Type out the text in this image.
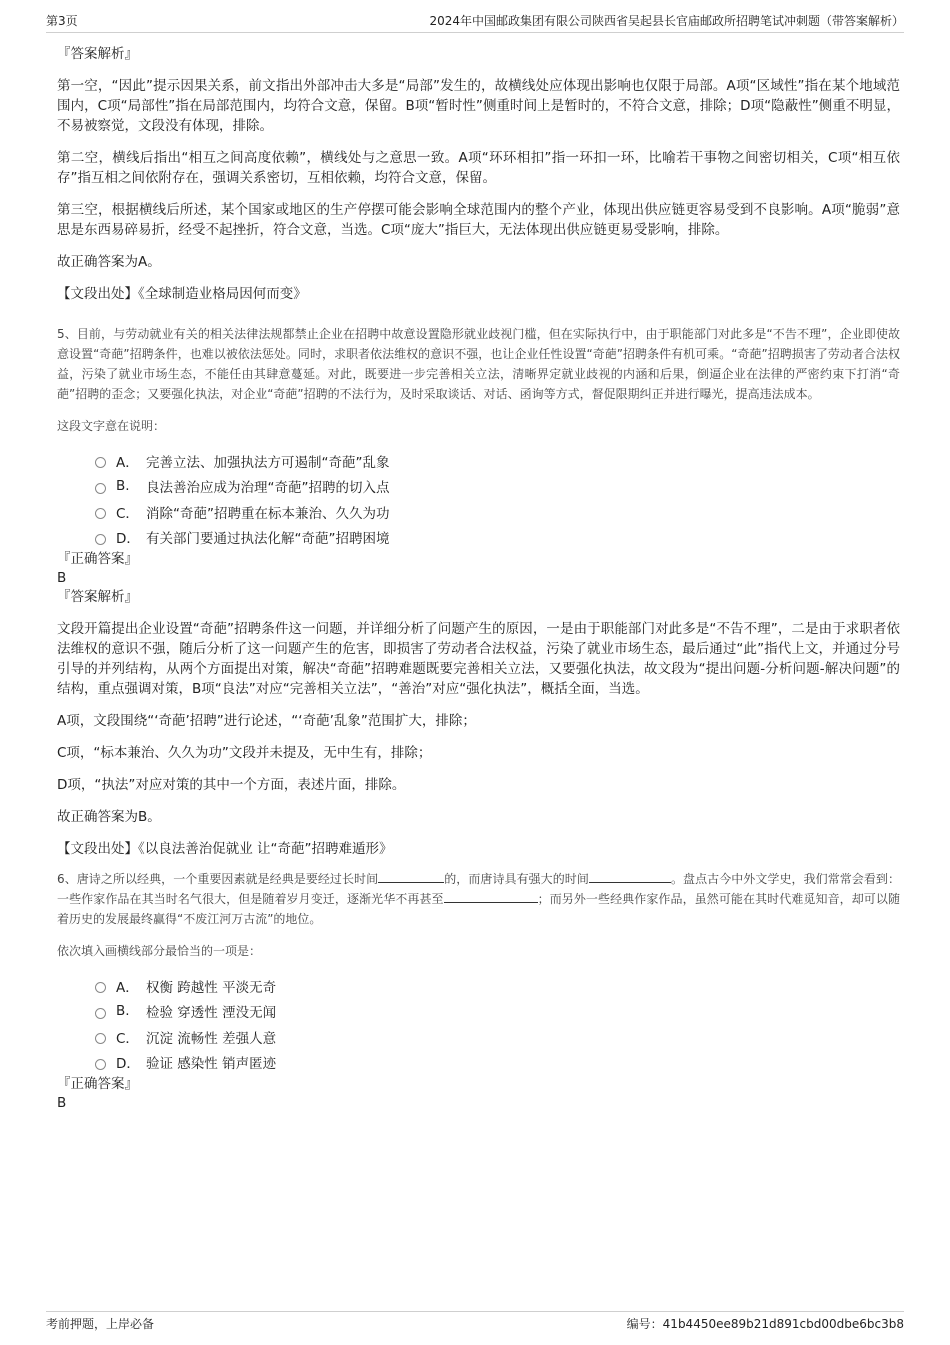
第3页	2024年中国邮政集团有限公司陕西省吴起县长官庙邮政所招聘笔试冲刺题（带答案解析）
『答案解析』

第一空，“因此”提示因果关系，前文指出外部冲击大多是“局部”发生的，故横线处应体现出影响也仅限于局部。A项“区域性”指在某个地域范围内，C项“局部性”指在局部范围内，均符合文意，保留。B项“暂时性”侧重时间上是暂时的，不符合文意，排除；D项“隐蔽性”侧重不明显，不易被察觉，文段没有体现，排除。

第二空，横线后指出“相互之间高度依赖”，横线处与之意思一致。A项“环环相扣”指一环扣一环，比喻若干事物之间密切相关，C项“相互依存”指互相之间依附存在，强调关系密切，互相依赖，均符合文意，保留。

第三空，根据横线后所述，某个国家或地区的生产停摆可能会影响全球范围内的整个产业，体现出供应链更容易受到不良影响。A项“脆弱”意思是东西易碎易折，经受不起挫折，符合文意，当选。C项“庞大”指巨大，无法体现出供应链更易受影响，排除。

故正确答案为A。

【文段出处】《全球制造业格局因何而变》

5、目前，与劳动就业有关的相关法律法规都禁止企业在招聘中故意设置隐形就业歧视门槛，但在实际执行中，由于职能部门对此多是“不告不理”，企业即使故意设置“奇葩”招聘条件，也难以被依法惩处。同时，求职者依法维权的意识不强，也让企业任性设置“奇葩”招聘条件有机可乘。“奇葩”招聘损害了劳动者合法权益，污染了就业市场生态，不能任由其肆意蔓延。对此，既要进一步完善相关立法，清晰界定就业歧视的内涵和后果，倒逼企业在法律的严密约束下打消“奇葩”招聘的歪念；又要强化执法，对企业“奇葩”招聘的不法行为，及时采取谈话、对话、函询等方式，督促限期纠正并进行曝光，提高违法成本。

这段文字意在说明：

A． 完善立法、加强执法方可遏制“奇葩”乱象
B.	良法善治应成为治理“奇葩”招聘的切入点
C． 消除“奇葩”招聘重在标本兼治、久久为功
D． 有关部门要通过执法化解“奇葩”招聘困境
『正确答案』
B
『答案解析』

文段开篇提出企业设置“奇葩”招聘条件这一问题，并详细分析了问题产生的原因，一是由于职能部门对此多是“不告不理”，二是由于求职者依法维权的意识不强，随后分析了这一问题产生的危害，即损害了劳动者合法权益，污染了就业市场生态，最后通过“此”指代上文，并通过分号引导的并列结构，从两个方面提出对策，解决“奇葩”招聘难题既要完善相关立法，又要强化执法，故文段为“提出问题-分析问题-解决问题”的结构，重点强调对策，B项“良法”对应“完善相关立法”，“善治”对应“强化执法”，概括全面，当选。

A项，文段围绕“‘奇葩’招聘”进行论述，“‘奇葩’乱象”范围扩大，排除；

C项，“标本兼治、久久为功”文段并未提及，无中生有，排除；

D项，“执法”对应对策的其中一个方面，表述片面，排除。

故正确答案为B。

【文段出处】《以良法善治促就业 让“奇葩”招聘难遁形》

6、唐诗之所以经典，一个重要因素就是经典是要经过长时间	的，而唐诗具有强大的时间	。盘点古今中外文学史，我们常常会看到：一些作家作品在其当时名气很大，但是随着岁月变迁，逐渐光华不再甚至	；而另外一些经典作家作品，虽然可能在其时代难觅知音，却可以随着历史的发展最终赢得“不废江河万古流”的地位。

依次填入画横线部分最恰当的一项是：

A． 权衡 跨越性 平淡无奇
B.	检验 穿透性 湮没无闻
C． 沉淀 流畅性 差强人意
D． 验证 感染性 销声匿迹
『正确答案』
B
考前押题，上岸必备	编号：41b4450ee89b21d891cbd00dbe6bc3b8
